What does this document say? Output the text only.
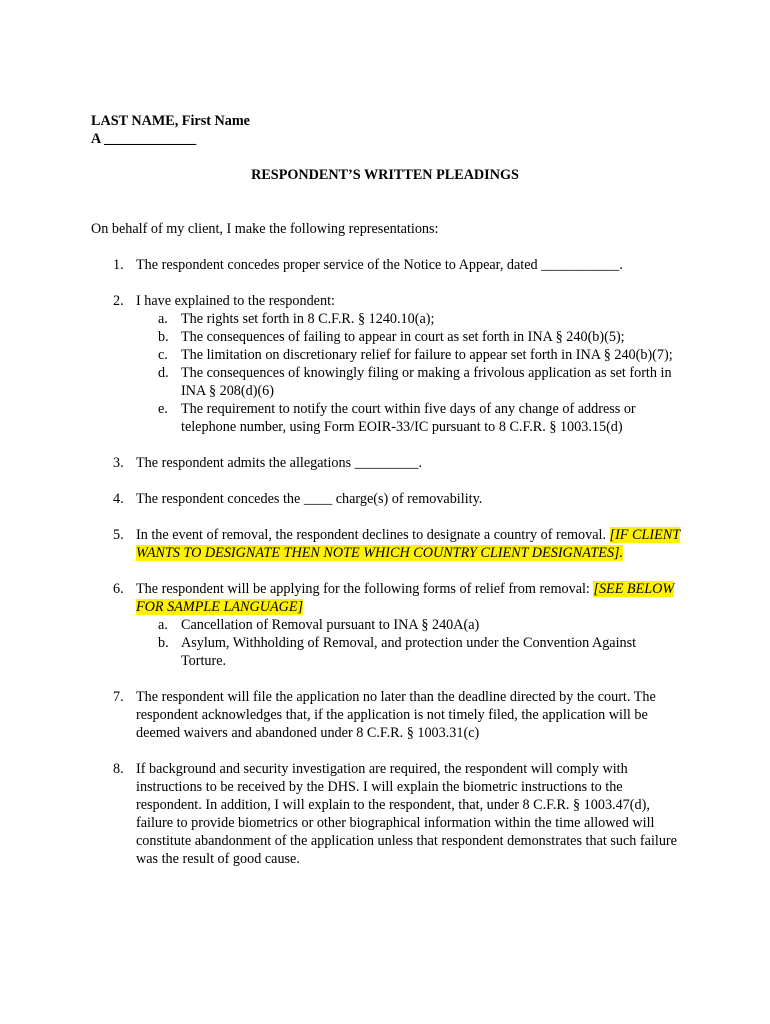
LAST NAME, First Name
A _____________
RESPONDENT’S WRITTEN PLEADINGS
On behalf of my client, I make the following representations:
1. The respondent concedes proper service of the Notice to Appear, dated ___________.
2. I have explained to the respondent:
a. The rights set forth in 8 C.F.R. § 1240.10(a);
b. The consequences of failing to appear in court as set forth in INA § 240(b)(5);
c. The limitation on discretionary relief for failure to appear set forth in INA § 240(b)(7);
d. The consequences of knowingly filing or making a frivolous application as set forth in INA § 208(d)(6)
e. The requirement to notify the court within five days of any change of address or telephone number, using Form EOIR-33/IC pursuant to 8 C.F.R. § 1003.15(d)
3. The respondent admits the allegations _________.
4. The respondent concedes the ____ charge(s) of removability.
5. In the event of removal, the respondent declines to designate a country of removal. [IF CLIENT WANTS TO DESIGNATE THEN NOTE WHICH COUNTRY CLIENT DESIGNATES].
6. The respondent will be applying for the following forms of relief from removal: [SEE BELOW FOR SAMPLE LANGUAGE]
a. Cancellation of Removal pursuant to INA § 240A(a)
b. Asylum, Withholding of Removal, and protection under the Convention Against Torture.
7. The respondent will file the application no later than the deadline directed by the court. The respondent acknowledges that, if the application is not timely filed, the application will be deemed waivers and abandoned under 8 C.F.R. § 1003.31(c)
8. If background and security investigation are required, the respondent will comply with instructions to be received by the DHS. I will explain the biometric instructions to the respondent. In addition, I will explain to the respondent, that, under 8 C.F.R. § 1003.47(d), failure to provide biometrics or other biographical information within the time allowed will constitute abandonment of the application unless that respondent demonstrates that such failure was the result of good cause.
